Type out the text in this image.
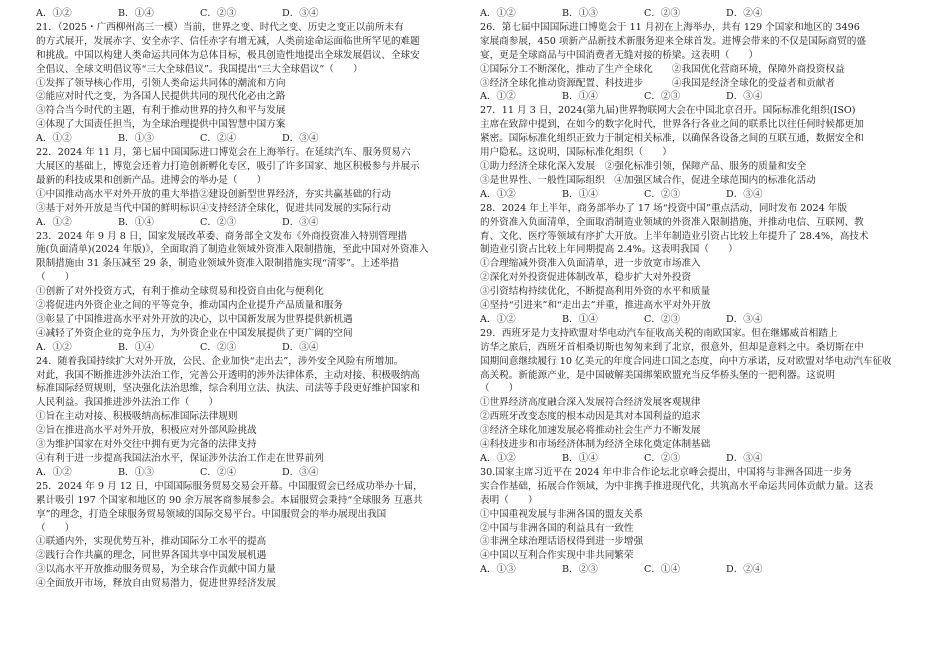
A．①②	B．①④	C．②③	D．③④
21．（2025・广西柳州高三一模）当前，世界之变、时代之变、历史之变正以前所未有
的方式展开，发展赤字、安全赤字、信任赤字有增无减，人类前途命运面临世所罕见的难题
和挑战。中国以构建人类命运共同体为总体目标，极具创造性地提出全球发展倡议、全球安
全倡议、全球文明倡议等“三大全球倡议”。我国提出“三大全球倡议”（　　）
①发挥了领导核心作用，引领人类命运共同体的潮流和方向
②能应对时代之变，为各国人民提供共同的现代化必由之路
③符合当今时代的主题，有利于推动世界的持久和平与发展
④体现了大国责任担当，为全球治理提供中国智慧中国方案
A．①②	B．①③	C．②④	D．③④
22．2024 年 11 月，第七届中国国际进口博览会在上海举行。在延续汽车、服务贸易六
大展区的基础上，博览会还着力打造创新孵化专区，吸引了许多国家、地区积极参与并展示
最新的科技成果和创新产品。进博会的举办是（　　）
①中国推动高水平对外开放的重大举措②建设创新型世界经济，夯实共赢基础的行动
③基于对外开放是当代中国的鲜明标识④支持经济全球化，促进共同发展的实际行动
A．①②	B．①④	C．②③	D．③④
23．2024 年 9 月 8 日，国家发展改革委、商务部全文发布《外商投资准入特别管理措
施(负面清单)(2024 年版)》，全面取消了制造业领域外资准入限制措施，至此中国对外资准入
限制措施由 31 条压减至 29 条，制造业领域外资准入限制措施实现“清零”。上述举措
（　　）
①创新了对外投资方式，有利于推动全球贸易和投资自由化与便利化
②将促进内外资企业之间的平等竞争，推动国内企业提升产品质量和服务
③彰显了中国推进高水平对外开放的决心，以中国新发展为世界提供新机遇
④减轻了外资企业的竞争压力，为外资企业在中国发展提供了更广阔的空间
A．①②	B．①④	C．②③	D．③④
24．随着我国持续扩大对外开放，公民、企业加快“走出去”，涉外安全风险有所增加。
对此，我国不断推进涉外法治工作，完善公开透明的涉外法律体系，主动对接、积极吸纳高
标准国际经贸规则，坚决强化法治思维，综合利用立法、执法、司法等手段更好维护国家和
人民利益。我国推进涉外法治工作（　　）
①旨在主动对接、积极吸纳高标准国际法律规则
②旨在推进高水平对外开放，积极应对外部风险挑战
③为维护国家在对外交往中拥有更为完备的法律支持
④有利于进一步提高我国法治水平，保证涉外法治工作走在世界前列
A．①②	B．①③	C．②④	D．③④
25．2024 年 9 月 12 日，中国国际服务贸易交易会开幕。中国服贸会已经成功举办十届，
累计吸引 197 个国家和地区的 90 余万展客商参展参会。本届服贸会秉持“全球服务 互惠共
享”的理念，打造全球服务贸易领域的国际交易平台。中国服贸会的举办展现出我国
（　　）
①联通内外，实现优势互补，推动国际分工水平的提高
②践行合作共赢的理念，同世界各国共享中国发展机遇
③以高水平开放推动服务贸易，为全球合作贡献中国力量
④全面放开市场，释放自由贸易潜力，促进世界经济发展
A．①②	B．①③	C．②③	D．②④
26．第七届中国国际进口博览会于 11 月初在上海举办，共有 129 个国家和地区的 3496
家展商参展，450 项新产品新技术新服务迎来全球首发。进博会带来的不仅是国际商贸的盛
宴，更是全球商品与中国消费者无缝对接的桥梁。这表明（　　）
①国际分工不断深化，推动了生产全球化　　②我国优化营商环境，保障外商投资权益
③经济全球化推动资源配置、科技进步　　　④我国是经济全球化的受益者和贡献者
A．①②	B．①④	C．②③	D．③④
27．11 月 3 日，2024(第九届)世界物联网大会在中国北京召开。国际标准化组织(ISO)
主席在致辞中提到，在如今的数字化时代，世界各行各业之间的联系比以往任何时候都更加
紧密。国际标准化组织正致力于制定相关标准，以确保各设备之间的互联互通，数据安全和
用户隐私。这说明，国际标准化组织（　　）
①助力经济全球化深入发展　②强化标准引领，保障产品、服务的质量和安全
③是世界性、一般性国际组织　④加强区域合作，促进全球范围内的标准化活动
A．①②	B．①④	C．②③	D．③④
28．2024 年上半年，商务部举办了 17 场“投资中国”重点活动，同时发布 2024 年版
的外资准入负面清单，全面取消制造业领域的外资准入限制措施，并推动电信、互联网、教
育、文化、医疗等领域有序扩大开放。上半年制造业引资占比较上年提升了 28.4%，高技术
制造业引资占比较上年同期提高 2.4%。这表明我国（　　）
①合理缩减外资准入负面清单，进一步放宽市场准入
②深化对外投资促进体制改革，稳步扩大对外投资
③引资结构持续优化，不断提高利用外资的水平和质量
④坚持“引进来”和“走出去”并重，推进高水平对外开放
A．①②	B．①④	C．②③	D．③④
29．西班牙是力支持欧盟对华电动汽车征收高关税的南欧国家。但在继娜威首相踏上
访华之旅后，西班牙首相桑切斯也匆匆来到了北京，很意外，但却是意料之中。桑切斯在中
国期间意继续履行 10 亿美元的年度合同进口国之态度，向中方承诺，反对欧盟对华电动汽车征收
高关税。新能源产业，是中国破解美国绑架欧盟充当反华桥头堡的一把利器。这说明
（　　）
①世界经济高度融合深入发展符合经济发展客观规律
②西班牙改变态度的根本动因是其对本国利益的追求
③经济全球化加速发展必将推动社会生产力不断发展
④科技进步和市场经济体制为经济全球化奠定体制基础
A．①②	B．①④	C．②③	D．③④
30.国家主席习近平在 2024 年中非合作论坛北京峰会提出，中国将与非洲各国进一步务
实合作基础，拓展合作领域，为中非携手推进现代化，共筑高水平命运共同体贡献力量。这表
表明（　　）
①中国重视发展与非洲各国的盟友关系
②中国与非洲各国的利益具有一致性
③非洲全球治理话语权得到进一步增强
④中国以互利合作实现中非共同繁荣
A．①③	B．②③	C．①④	D．②④
